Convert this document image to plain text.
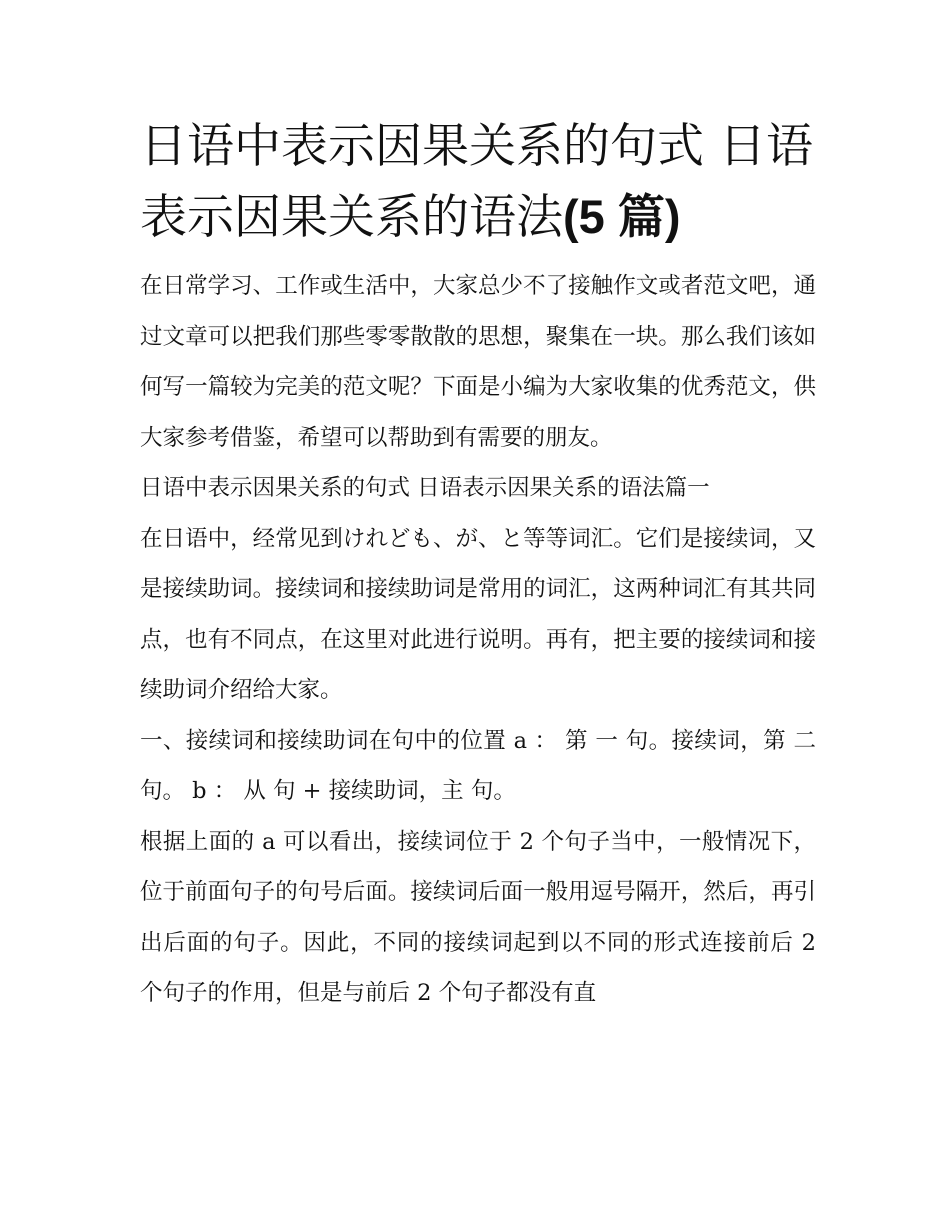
日语中表示因果关系的句式 日语表示因果关系的语法(5 篇)

在日常学习、工作或生活中，大家总少不了接触作文或者范文吧，通过文章可以把我们那些零零散散的思想，聚集在一块。那么我们该如何写一篇较为完美的范文呢？下面是小编为大家收集的优秀范文，供大家参考借鉴，希望可以帮助到有需要的朋友。

日语中表示因果关系的句式 日语表示因果关系的语法篇一

在日语中，经常见到けれども、が、と等等词汇。它们是接续词，又是接续助词。接续词和接续助词是常用的词汇，这两种词汇有其共同点，也有不同点，在这里对此进行说明。再有，把主要的接续词和接续助词介绍给大家。

一、接续词和接续助词在句中的位置 a ： 第 一 句。接续词，第 二 句。 b ： 从 句 + 接续助词，主 句。

根据上面的 a 可以看出，接续词位于 2 个句子当中，一般情况下，位于前面句子的句号后面。接续词后面一般用逗号隔开，然后，再引出后面的句子。因此，不同的接续词起到以不同的形式连接前后 2 个句子的作用，但是与前后 2 个句子都没有直
